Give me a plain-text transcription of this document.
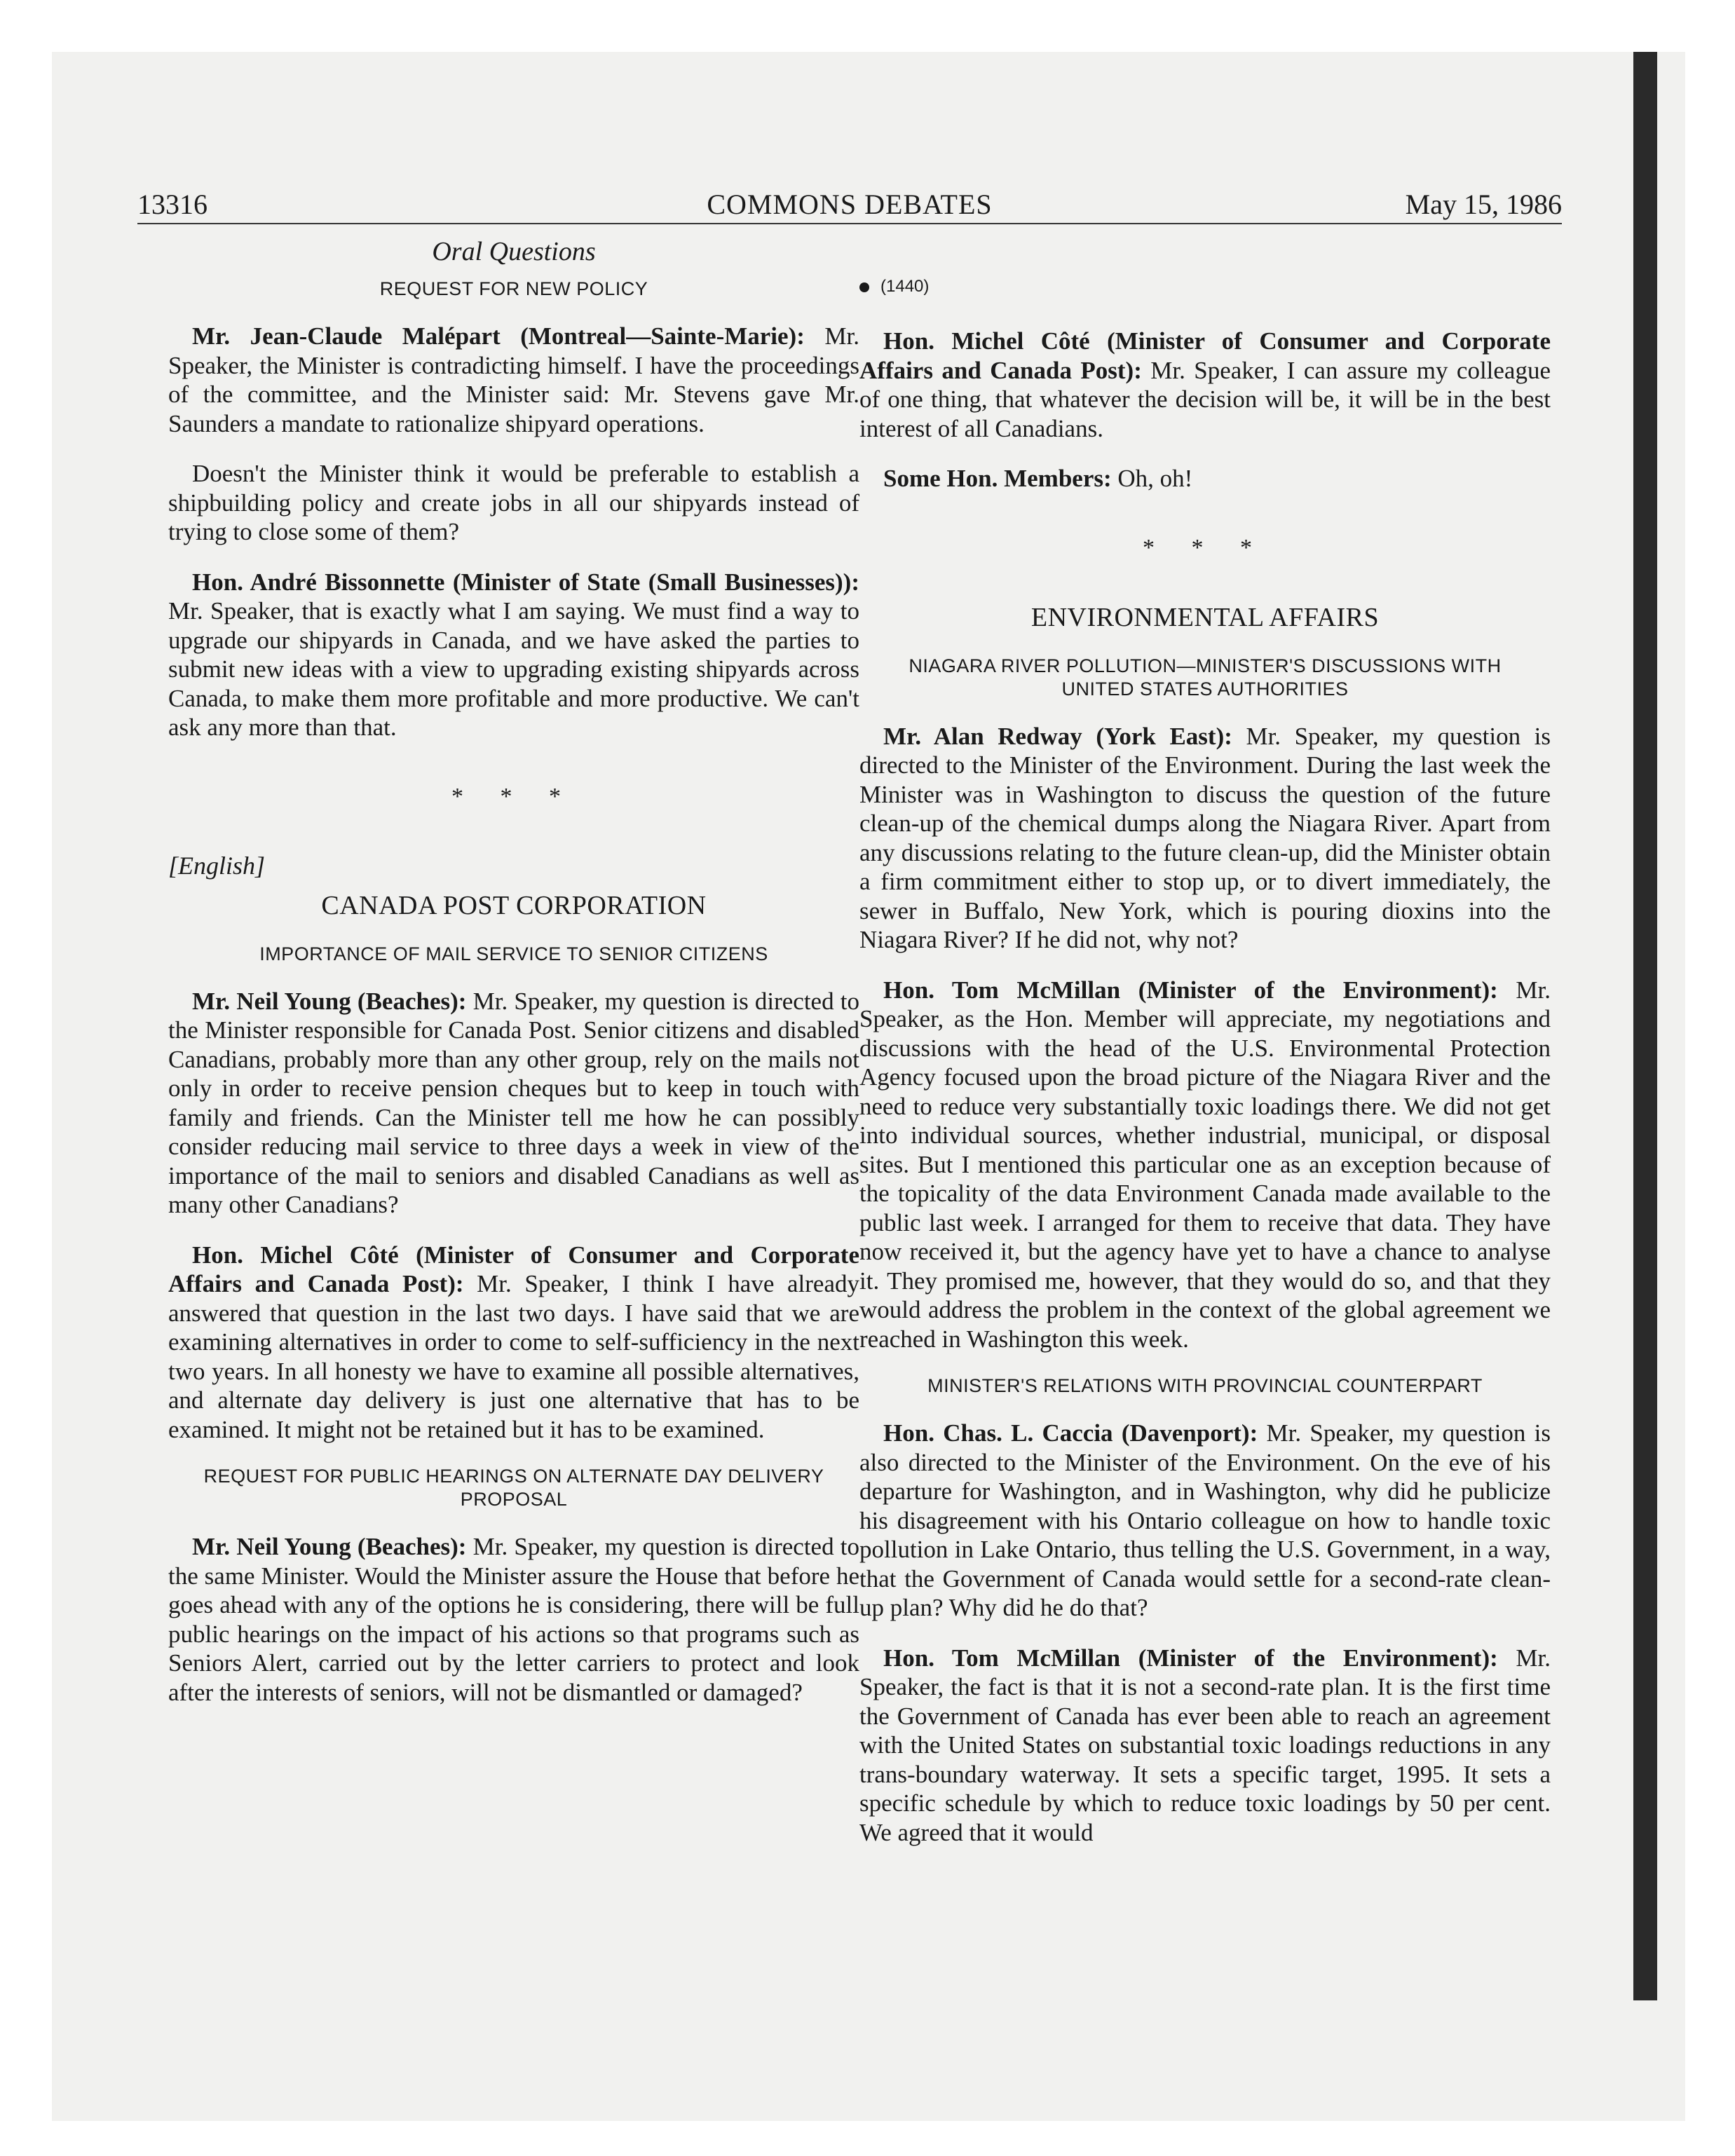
13316	COMMONS DEBATES	May 15, 1986
Oral Questions
REQUEST FOR NEW POLICY

Mr. Jean-Claude Malépart (Montreal—Sainte-Marie): Mr. Speaker, the Minister is contradicting himself. I have the proceedings of the committee, and the Minister said: Mr. Stevens gave Mr. Saunders a mandate to rationalize shipyard operations.

Doesn't the Minister think it would be preferable to establish a shipbuilding policy and create jobs in all our shipyards instead of trying to close some of them?

Hon. André Bissonnette (Minister of State (Small Businesses)): Mr. Speaker, that is exactly what I am saying. We must find a way to upgrade our shipyards in Canada, and we have asked the parties to submit new ideas with a view to upgrading existing shipyards across Canada, to make them more profitable and more productive. We can't ask any more than that.

* * *
[English]
CANADA POST CORPORATION
IMPORTANCE OF MAIL SERVICE TO SENIOR CITIZENS

Mr. Neil Young (Beaches): Mr. Speaker, my question is directed to the Minister responsible for Canada Post. Senior citizens and disabled Canadians, probably more than any other group, rely on the mails not only in order to receive pension cheques but to keep in touch with family and friends. Can the Minister tell me how he can possibly consider reducing mail service to three days a week in view of the importance of the mail to seniors and disabled Canadians as well as many other Canadians?

Hon. Michel Côté (Minister of Consumer and Corporate Affairs and Canada Post): Mr. Speaker, I think I have already answered that question in the last two days. I have said that we are examining alternatives in order to come to self-sufficiency in the next two years. In all honesty we have to examine all possible alternatives, and alternate day delivery is just one alternative that has to be examined. It might not be retained but it has to be examined.

REQUEST FOR PUBLIC HEARINGS ON ALTERNATE DAY DELIVERY PROPOSAL

Mr. Neil Young (Beaches): Mr. Speaker, my question is directed to the same Minister. Would the Minister assure the House that before he goes ahead with any of the options he is considering, there will be full public hearings on the impact of his actions so that programs such as Seniors Alert, carried out by the letter carriers to protect and look after the interests of seniors, will not be dismantled or damaged?

(1440)

Hon. Michel Côté (Minister of Consumer and Corporate Affairs and Canada Post): Mr. Speaker, I can assure my colleague of one thing, that whatever the decision will be, it will be in the best interest of all Canadians.

Some Hon. Members: Oh, oh!

* * *
ENVIRONMENTAL AFFAIRS
NIAGARA RIVER POLLUTION—MINISTER'S DISCUSSIONS WITH UNITED STATES AUTHORITIES

Mr. Alan Redway (York East): Mr. Speaker, my question is directed to the Minister of the Environment. During the last week the Minister was in Washington to discuss the question of the future clean-up of the chemical dumps along the Niagara River. Apart from any discussions relating to the future clean-up, did the Minister obtain a firm commitment either to stop up, or to divert immediately, the sewer in Buffalo, New York, which is pouring dioxins into the Niagara River? If he did not, why not?

Hon. Tom McMillan (Minister of the Environment): Mr. Speaker, as the Hon. Member will appreciate, my negotiations and discussions with the head of the U.S. Environmental Protection Agency focused upon the broad picture of the Niagara River and the need to reduce very substantially toxic loadings there. We did not get into individual sources, whether industrial, municipal, or disposal sites. But I mentioned this particular one as an exception because of the topicality of the data Environment Canada made available to the public last week. I arranged for them to receive that data. They have now received it, but the agency have yet to have a chance to analyse it. They promised me, however, that they would do so, and that they would address the problem in the context of the global agreement we reached in Washington this week.

MINISTER'S RELATIONS WITH PROVINCIAL COUNTERPART

Hon. Chas. L. Caccia (Davenport): Mr. Speaker, my question is also directed to the Minister of the Environment. On the eve of his departure for Washington, and in Washington, why did he publicize his disagreement with his Ontario colleague on how to handle toxic pollution in Lake Ontario, thus telling the U.S. Government, in a way, that the Government of Canada would settle for a second-rate clean-up plan? Why did he do that?

Hon. Tom McMillan (Minister of the Environment): Mr. Speaker, the fact is that it is not a second-rate plan. It is the first time the Government of Canada has ever been able to reach an agreement with the United States on substantial toxic loadings reductions in any trans-boundary waterway. It sets a specific target, 1995. It sets a specific schedule by which to reduce toxic loadings by 50 per cent. We agreed that it would
